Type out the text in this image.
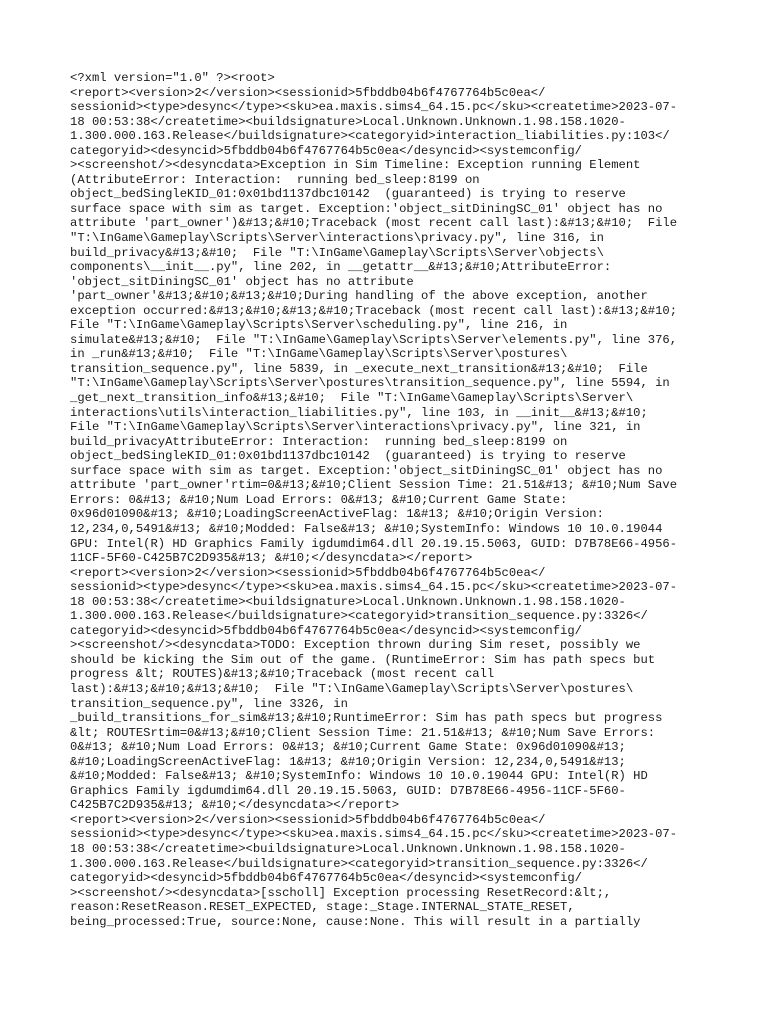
<?xml version="1.0" ?><root>
<report><version>2</version><sessionid>5fbddb04b6f4767764b5c0ea</
sessionid><type>desync</type><sku>ea.maxis.sims4_64.15.pc</sku><createtime>2023-07-
18 00:53:38</createtime><buildsignature>Local.Unknown.Unknown.1.98.158.1020-
1.300.000.163.Release</buildsignature><categoryid>interaction_liabilities.py:103</
categoryid><desyncid>5fbddb04b6f4767764b5c0ea</desyncid><systemconfig/
><screenshot/><desyncdata>Exception in Sim Timeline: Exception running Element
(AttributeError: Interaction:  running bed_sleep:8199 on
object_bedSingleKID_01:0x01bd1137dbc10142  (guaranteed) is trying to reserve
surface space with sim as target. Exception:'object_sitDiningSC_01' object has no
attribute 'part_owner')&#13;&#10;Traceback (most recent call last):&#13;&#10;  File
"T:\InGame\Gameplay\Scripts\Server\interactions\privacy.py", line 316, in
build_privacy&#13;&#10;  File "T:\InGame\Gameplay\Scripts\Server\objects\
components\__init__.py", line 202, in __getattr__&#13;&#10;AttributeError:
'object_sitDiningSC_01' object has no attribute
'part_owner'&#13;&#10;&#13;&#10;During handling of the above exception, another
exception occurred:&#13;&#10;&#13;&#10;Traceback (most recent call last):&#13;&#10;
File "T:\InGame\Gameplay\Scripts\Server\scheduling.py", line 216, in
simulate&#13;&#10;  File "T:\InGame\Gameplay\Scripts\Server\elements.py", line 376,
in _run&#13;&#10;  File "T:\InGame\Gameplay\Scripts\Server\postures\
transition_sequence.py", line 5839, in _execute_next_transition&#13;&#10;  File
"T:\InGame\Gameplay\Scripts\Server\postures\transition_sequence.py", line 5594, in
_get_next_transition_info&#13;&#10;  File "T:\InGame\Gameplay\Scripts\Server\
interactions\utils\interaction_liabilities.py", line 103, in __init__&#13;&#10;
File "T:\InGame\Gameplay\Scripts\Server\interactions\privacy.py", line 321, in
build_privacyAttributeError: Interaction:  running bed_sleep:8199 on
object_bedSingleKID_01:0x01bd1137dbc10142  (guaranteed) is trying to reserve
surface space with sim as target. Exception:'object_sitDiningSC_01' object has no
attribute 'part_owner'rtim=0&#13;&#10;Client Session Time: 21.51&#13; &#10;Num Save
Errors: 0&#13; &#10;Num Load Errors: 0&#13; &#10;Current Game State:
0x96d01090&#13; &#10;LoadingScreenActiveFlag: 1&#13; &#10;Origin Version:
12,234,0,5491&#13; &#10;Modded: False&#13; &#10;SystemInfo: Windows 10 10.0.19044
GPU: Intel(R) HD Graphics Family igdumdim64.dll 20.19.15.5063, GUID: D7B78E66-4956-
11CF-5F60-C425B7C2D935&#13; &#10;</desyncdata></report>
<report><version>2</version><sessionid>5fbddb04b6f4767764b5c0ea</
sessionid><type>desync</type><sku>ea.maxis.sims4_64.15.pc</sku><createtime>2023-07-
18 00:53:38</createtime><buildsignature>Local.Unknown.Unknown.1.98.158.1020-
1.300.000.163.Release</buildsignature><categoryid>transition_sequence.py:3326</
categoryid><desyncid>5fbddb04b6f4767764b5c0ea</desyncid><systemconfig/
><screenshot/><desyncdata>TODO: Exception thrown during Sim reset, possibly we
should be kicking the Sim out of the game. (RuntimeError: Sim has path specs but
progress &lt; ROUTES)&#13;&#10;Traceback (most recent call
last):&#13;&#10;&#13;&#10;  File "T:\InGame\Gameplay\Scripts\Server\postures\
transition_sequence.py", line 3326, in
_build_transitions_for_sim&#13;&#10;RuntimeError: Sim has path specs but progress
&lt; ROUTESrtim=0&#13;&#10;Client Session Time: 21.51&#13; &#10;Num Save Errors:
0&#13; &#10;Num Load Errors: 0&#13; &#10;Current Game State: 0x96d01090&#13;
&#10;LoadingScreenActiveFlag: 1&#13; &#10;Origin Version: 12,234,0,5491&#13;
&#10;Modded: False&#13; &#10;SystemInfo: Windows 10 10.0.19044 GPU: Intel(R) HD
Graphics Family igdumdim64.dll 20.19.15.5063, GUID: D7B78E66-4956-11CF-5F60-
C425B7C2D935&#13; &#10;</desyncdata></report>
<report><version>2</version><sessionid>5fbddb04b6f4767764b5c0ea</
sessionid><type>desync</type><sku>ea.maxis.sims4_64.15.pc</sku><createtime>2023-07-
18 00:53:38</createtime><buildsignature>Local.Unknown.Unknown.1.98.158.1020-
1.300.000.163.Release</buildsignature><categoryid>transition_sequence.py:3326</
categoryid><desyncid>5fbddb04b6f4767764b5c0ea</desyncid><systemconfig/
><screenshot/><desyncdata>[sscholl] Exception processing ResetRecord:&lt;,
reason:ResetReason.RESET_EXPECTED, stage:_Stage.INTERNAL_STATE_RESET,
being_processed:True, source:None, cause:None. This will result in a partially
